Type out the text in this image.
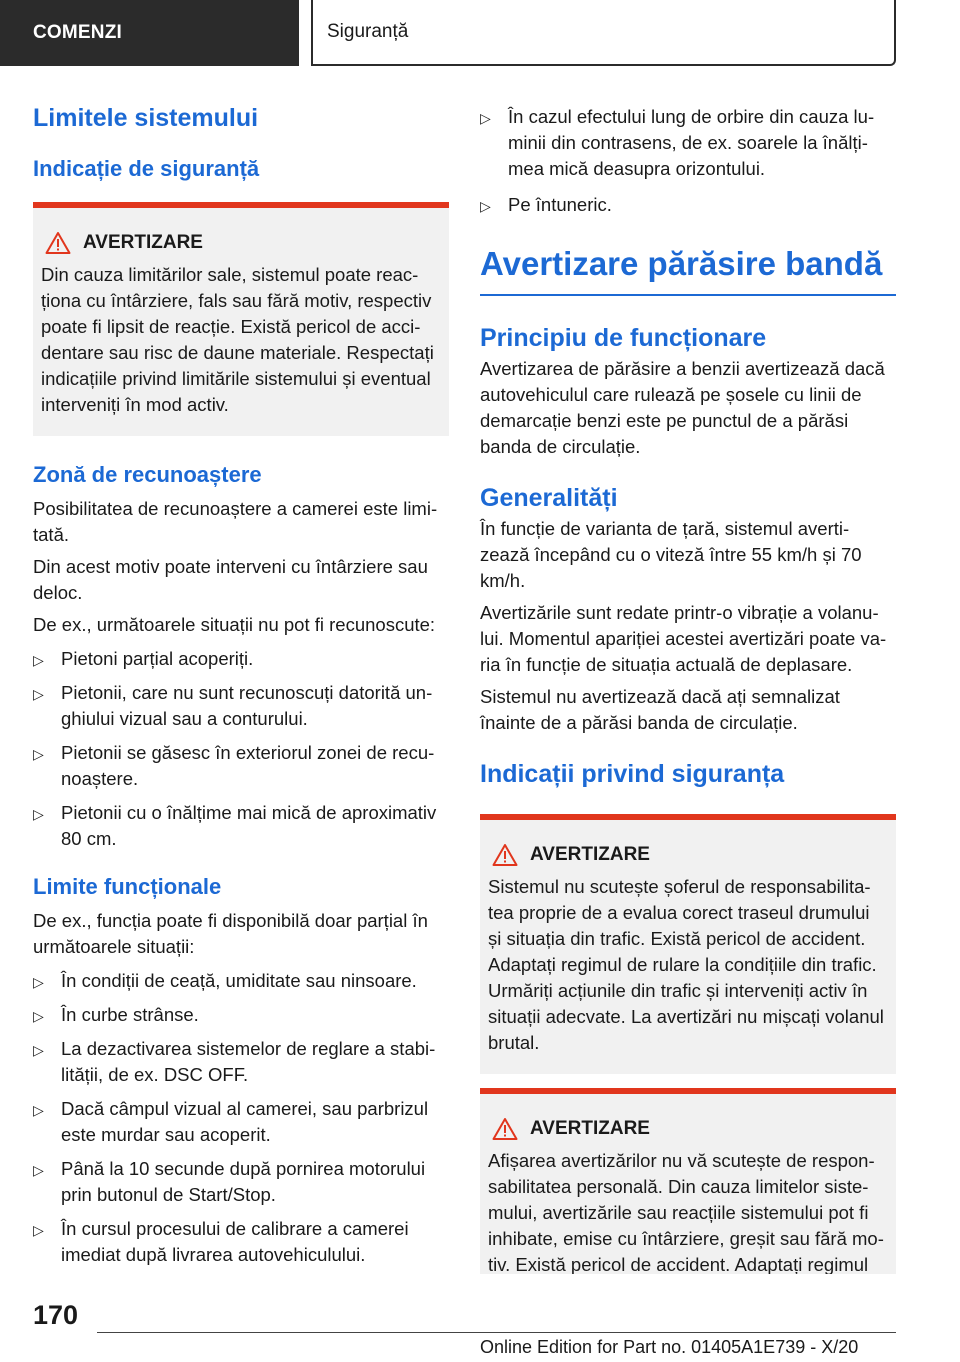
COMENZI	Siguranță
Limitele sistemului
Indicație de siguranță
AVERTIZARE
Din cauza limitărilor sale, sistemul poate reac‐ ționa cu întârziere, fals sau fără motiv, respectiv poate fi lipsit de reacție. Există pericol de acci‐ dentare sau risc de daune materiale. Respectați indicațiile privind limitările sistemului și eventual interveniți în mod activ.
Zonă de recunoaștere

Posibilitatea de recunoaștere a camerei este limi‐ tată.

Din acest motiv poate interveni cu întârziere sau deloc.

De ex., următoarele situații nu pot fi recunoscute:

▷ Pietoni parțial acoperiți.
▷ Pietonii, care nu sunt recunoscuți datorită un‐ ghiului vizual sau a conturului.
▷ Pietonii se găsesc în exteriorul zonei de recu‐ noaștere.
▷ Pietonii cu o înălțime mai mică de aproximativ 80 cm.
Limite funcționale

De ex., funcția poate fi disponibilă doar parțial în următoarele situații:

▷ În condiții de ceață, umiditate sau ninsoare.
▷ În curbe strânse.
▷ La dezactivarea sistemelor de reglare a stabi‐ lității, de ex. DSC OFF.
▷ Dacă câmpul vizual al camerei, sau parbrizul este murdar sau acoperit.
▷ Până la 10 secunde după pornirea motorului prin butonul de Start/Stop.
▷ În cursul procesului de calibrare a camerei imediat după livrarea autovehiculului.
▷ În cazul efectului lung de orbire din cauza lu‐ minii din contrasens, de ex. soarele la înălți‐ mea mică deasupra orizontului.
▷ Pe întuneric.
Avertizare părăsire bandă
Principiu de funcționare

Avertizarea de părăsire a benzii avertizează dacă autovehiculul care rulează pe șosele cu linii de demarcație benzi este pe punctul de a părăsi banda de circulație.

Generalități

În funcție de varianta de țară, sistemul averti‐ zează începând cu o viteză între 55 km/h și 70 km/h.

Avertizările sunt redate printr-o vibrație a volanu‐ lui. Momentul apariției acestei avertizări poate va‐ ria în funcție de situația actuală de deplasare.

Sistemul nu avertizează dacă ați semnalizat înainte de a părăsi banda de circulație.

Indicații privind siguranța
AVERTIZARE
Sistemul nu scutește șoferul de responsabilita‐ tea proprie de a evalua corect traseul drumului și situația din trafic. Există pericol de accident. Adaptați regimul de rulare la condițiile din trafic. Urmăriți acțiunile din trafic și interveniți activ în situații adecvate. La avertizări nu mișcați volanul brutal.
AVERTIZARE
Afișarea avertizărilor nu vă scutește de respon‐ sabilitatea personală. Din cauza limitelor siste‐ mului, avertizările sau reacțiile sistemului pot fi inhibate, emise cu întârziere, greșit sau fără mo‐ tiv. Există pericol de accident. Adaptați regimul
170
Online Edition for Part no. 01405A1E739 - X/20
